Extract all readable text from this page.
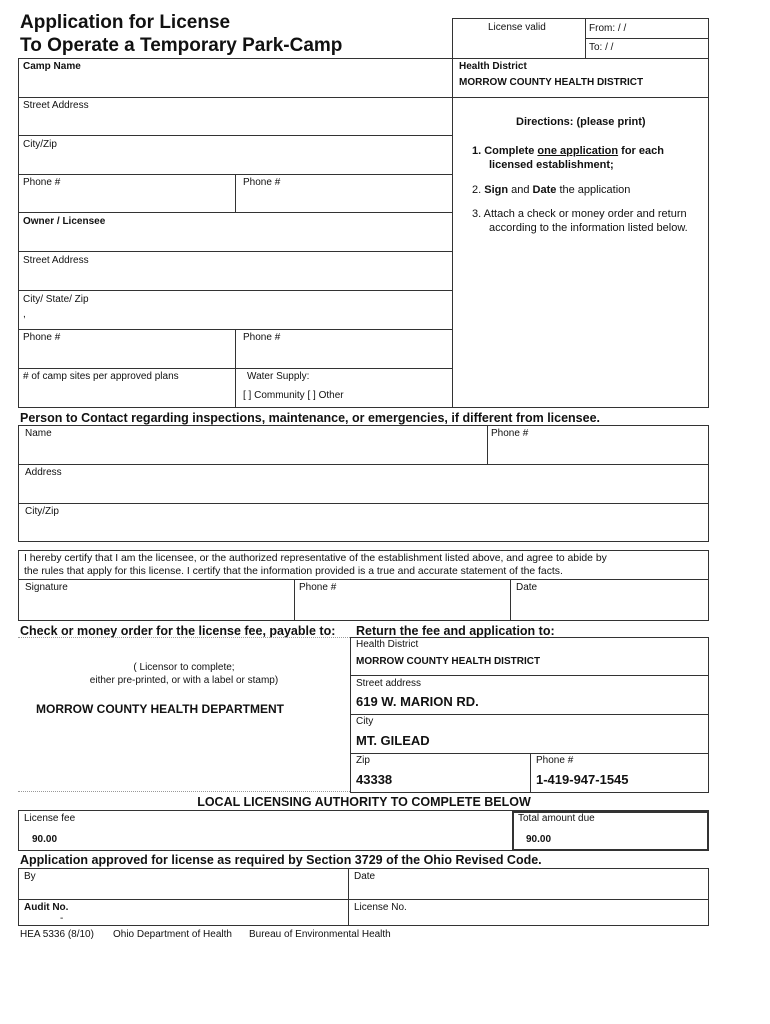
Application for License
To Operate a Temporary Park-Camp
License valid	From: / /
To: / /
Camp Name
Street Address
City/Zip
Phone #	Phone #
Owner / Licensee
Street Address
City/ State/ Zip
,
Phone #	Phone #
# of camp sites per approved plans	Water Supply:
[ ] Community [ ] Other
Health District
MORROW COUNTY HEALTH DISTRICT
Directions: (please print)
1. Complete one application for each
licensed establishment;
2. Sign and Date the application
3. Attach a check or money order and return
according to the information listed below.
Person to Contact regarding inspections, maintenance, or emergencies, if different from licensee.
Name	Phone #
Address
City/Zip
I hereby certify that I am the licensee, or the authorized representative of the establishment listed above, and agree to abide by
the rules that apply for this license. I certify that the information provided is a true and accurate statement of the facts.
Signature	Phone #	Date
Check or money order for the license fee, payable to: Return the fee and application to:
( Licensor to complete;
either pre-printed, or with a label or stamp)
MORROW COUNTY HEALTH DEPARTMENT
Health District
MORROW COUNTY HEALTH DISTRICT
Street address
619 W. MARION RD.
City
MT. GILEAD
Zip
43338
Phone #
1-419-947-1545
LOCAL LICENSING AUTHORITY TO COMPLETE BELOW
License fee
90.00
Total amount due
90.00
Application approved for license as required by Section 3729 of the Ohio Revised Code.
By	Date
Audit No.
-
License No.
HEA 5336 (8/10) Ohio Department of Health Bureau of Environmental Health
